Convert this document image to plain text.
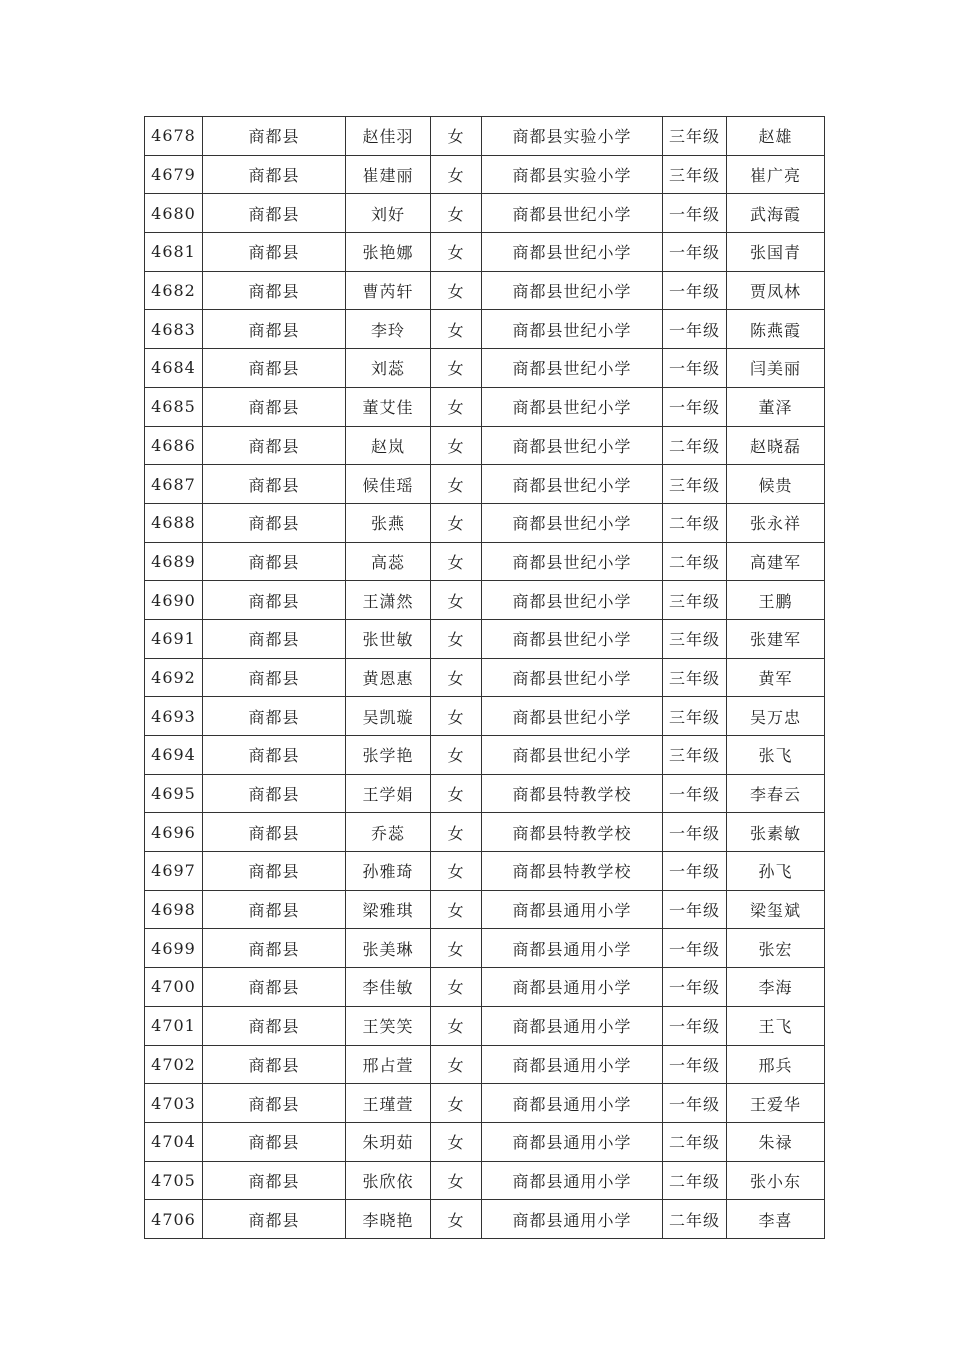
4678	商都县	赵佳羽	女	商都县实验小学	三年级	赵雄
4679	商都县	崔建丽	女	商都县实验小学	三年级	崔广亮
4680	商都县	刘好	女	商都县世纪小学	一年级	武海霞
4681	商都县	张艳娜	女	商都县世纪小学	一年级	张国青
4682	商都县	曹芮轩	女	商都县世纪小学	一年级	贾凤林
4683	商都县	李玲	女	商都县世纪小学	一年级	陈燕霞
4684	商都县	刘蕊	女	商都县世纪小学	一年级	闫美丽
4685	商都县	董艾佳	女	商都县世纪小学	一年级	董泽
4686	商都县	赵岚	女	商都县世纪小学	二年级	赵晓磊
4687	商都县	候佳瑶	女	商都县世纪小学	三年级	候贵
4688	商都县	张燕	女	商都县世纪小学	二年级	张永祥
4689	商都县	高蕊	女	商都县世纪小学	二年级	高建军
4690	商都县	王潇然	女	商都县世纪小学	三年级	王鹏
4691	商都县	张世敏	女	商都县世纪小学	三年级	张建军
4692	商都县	黄恩惠	女	商都县世纪小学	三年级	黄军
4693	商都县	吴凯璇	女	商都县世纪小学	三年级	吴万忠
4694	商都县	张学艳	女	商都县世纪小学	三年级	张飞
4695	商都县	王学娟	女	商都县特教学校	一年级	李春云
4696	商都县	乔蕊	女	商都县特教学校	一年级	张素敏
4697	商都县	孙雅琦	女	商都县特教学校	一年级	孙飞
4698	商都县	梁雅琪	女	商都县通用小学	一年级	梁玺斌
4699	商都县	张美琳	女	商都县通用小学	一年级	张宏
4700	商都县	李佳敏	女	商都县通用小学	一年级	李海
4701	商都县	王笑笑	女	商都县通用小学	一年级	王飞
4702	商都县	邢占萱	女	商都县通用小学	一年级	邢兵
4703	商都县	王瑾萱	女	商都县通用小学	一年级	王爱华
4704	商都县	朱玥茹	女	商都县通用小学	二年级	朱禄
4705	商都县	张欣依	女	商都县通用小学	二年级	张小东
4706	商都县	李晓艳	女	商都县通用小学	二年级	李喜
